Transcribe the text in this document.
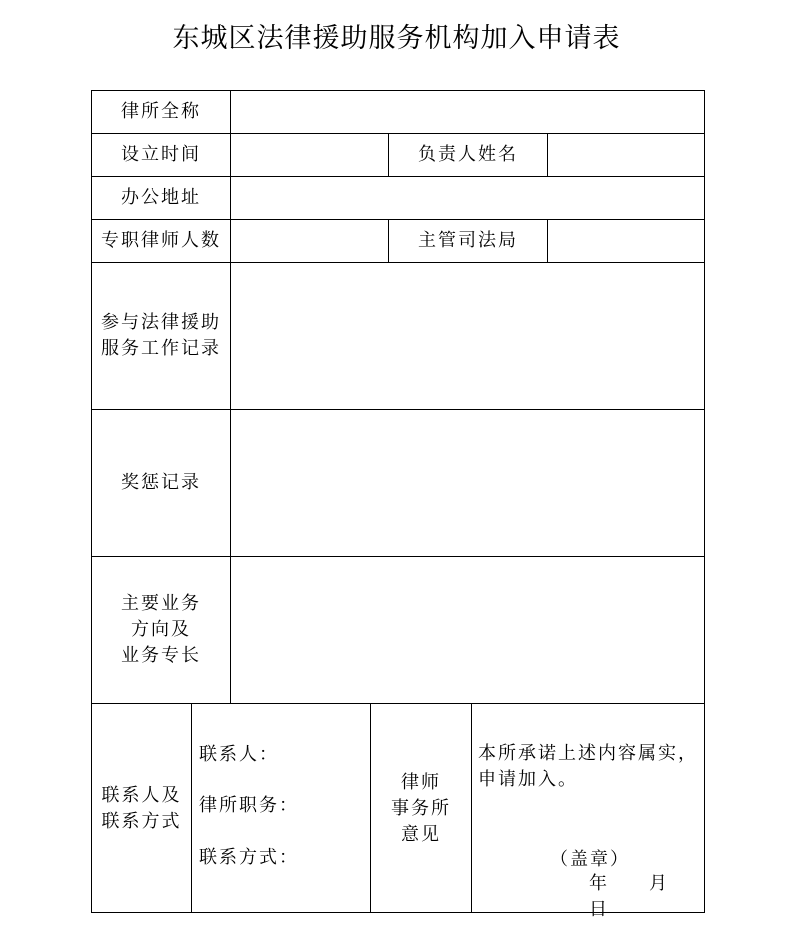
东城区法律援助服务机构加入申请表
律所全称
设立时间	负责人姓名
办公地址
专职律师人数	主管司法局
参与法律援助
服务工作记录
奖惩记录
主要业务
方向及
业务专长
联系人及
联系方式
联系人：
律所职务：
联系方式：
律师
事务所
意见
本所承诺上述内容属实，
申请加入。
（盖章）
年　　月　　日
